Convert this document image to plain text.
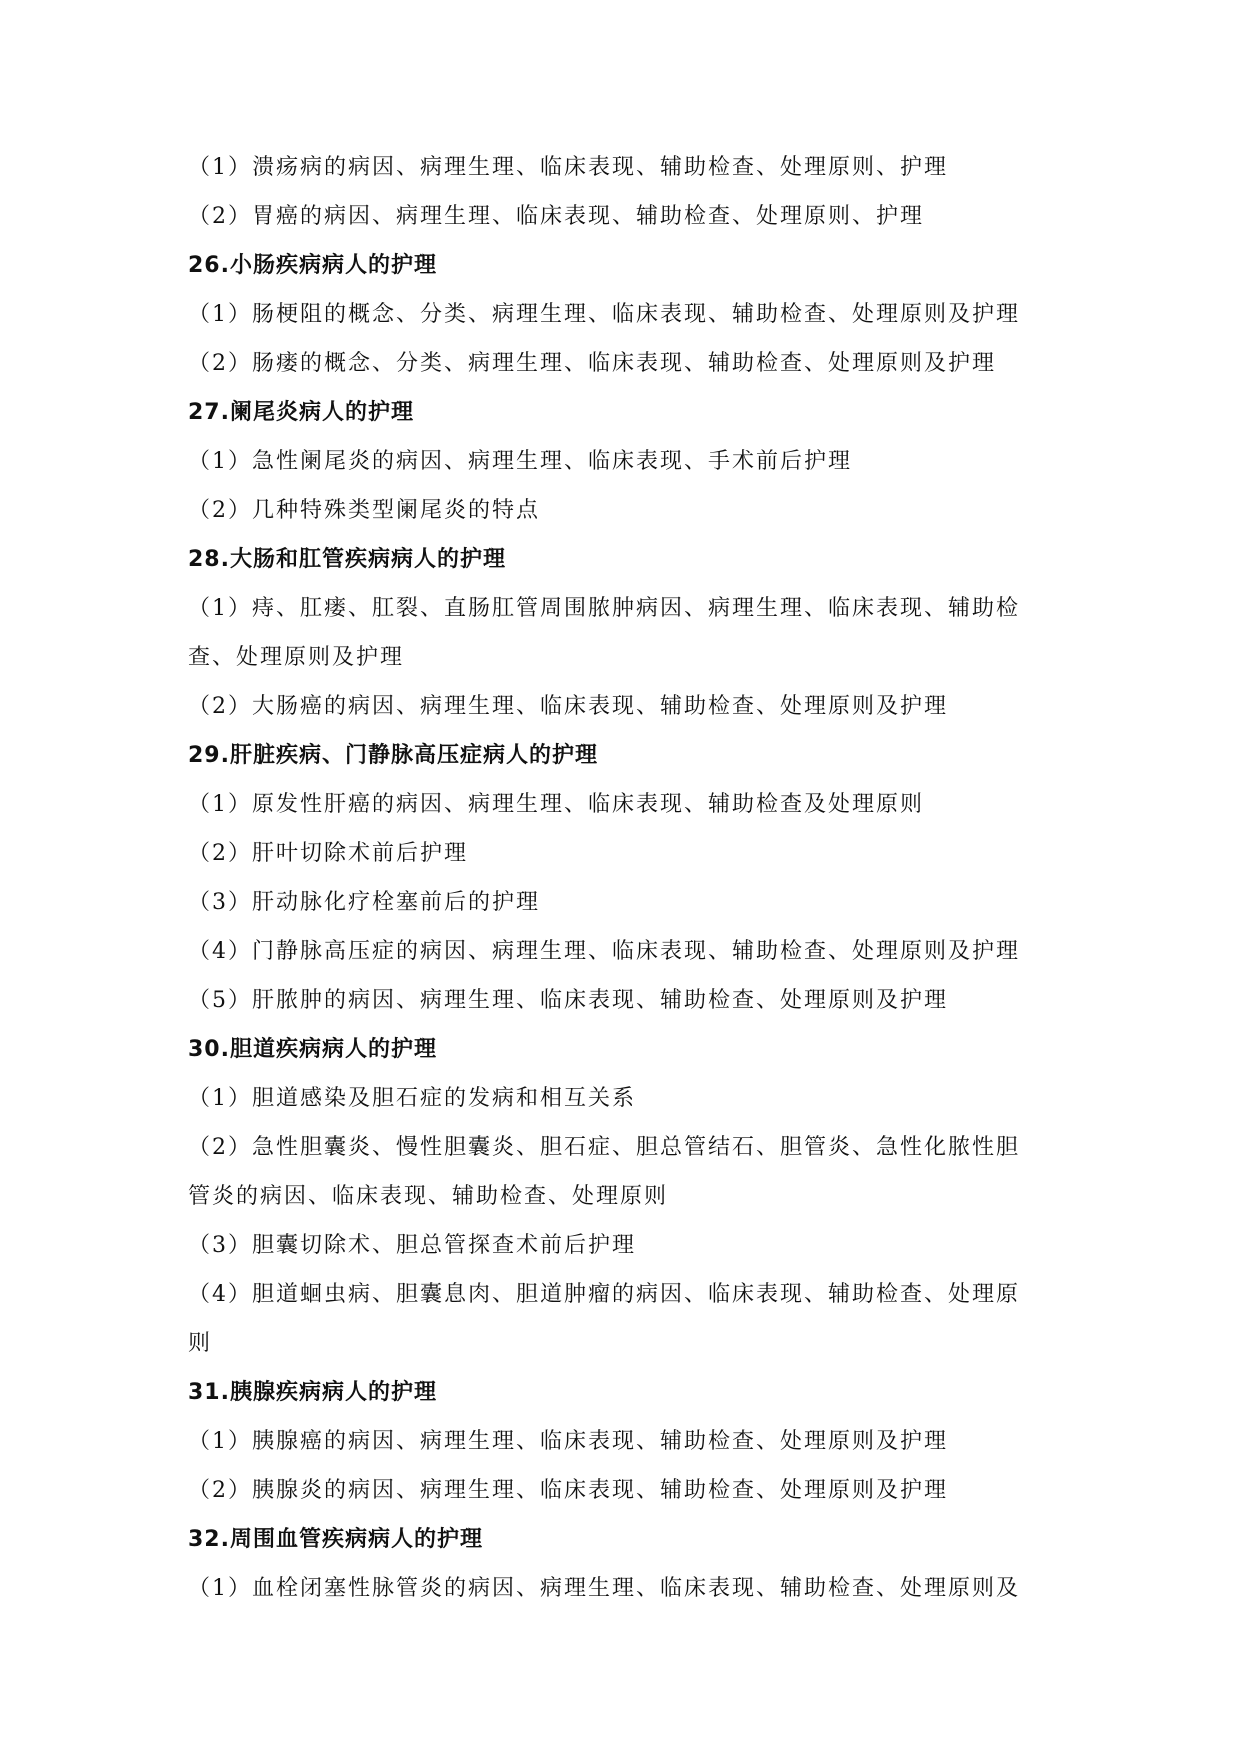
（1）溃疡病的病因、病理生理、临床表现、辅助检查、处理原则、护理
（2）胃癌的病因、病理生理、临床表现、辅助检查、处理原则、护理
26.小肠疾病病人的护理
（1）肠梗阻的概念、分类、病理生理、临床表现、辅助检查、处理原则及护理
（2）肠瘘的概念、分类、病理生理、临床表现、辅助检查、处理原则及护理
27.阑尾炎病人的护理
（1）急性阑尾炎的病因、病理生理、临床表现、手术前后护理
（2）几种特殊类型阑尾炎的特点
28.大肠和肛管疾病病人的护理
（1）痔、肛瘘、肛裂、直肠肛管周围脓肿病因、病理生理、临床表现、辅助检
查、处理原则及护理
（2）大肠癌的病因、病理生理、临床表现、辅助检查、处理原则及护理
29.肝脏疾病、门静脉高压症病人的护理
（1）原发性肝癌的病因、病理生理、临床表现、辅助检查及处理原则
（2）肝叶切除术前后护理
（3）肝动脉化疗栓塞前后的护理
（4）门静脉高压症的病因、病理生理、临床表现、辅助检查、处理原则及护理
（5）肝脓肿的病因、病理生理、临床表现、辅助检查、处理原则及护理
30.胆道疾病病人的护理
（1）胆道感染及胆石症的发病和相互关系
（2）急性胆囊炎、慢性胆囊炎、胆石症、胆总管结石、胆管炎、急性化脓性胆
管炎的病因、临床表现、辅助检查、处理原则
（3）胆囊切除术、胆总管探查术前后护理
（4）胆道蛔虫病、胆囊息肉、胆道肿瘤的病因、临床表现、辅助检查、处理原
则
31.胰腺疾病病人的护理
（1）胰腺癌的病因、病理生理、临床表现、辅助检查、处理原则及护理
（2）胰腺炎的病因、病理生理、临床表现、辅助检查、处理原则及护理
32.周围血管疾病病人的护理
（1）血栓闭塞性脉管炎的病因、病理生理、临床表现、辅助检查、处理原则及
